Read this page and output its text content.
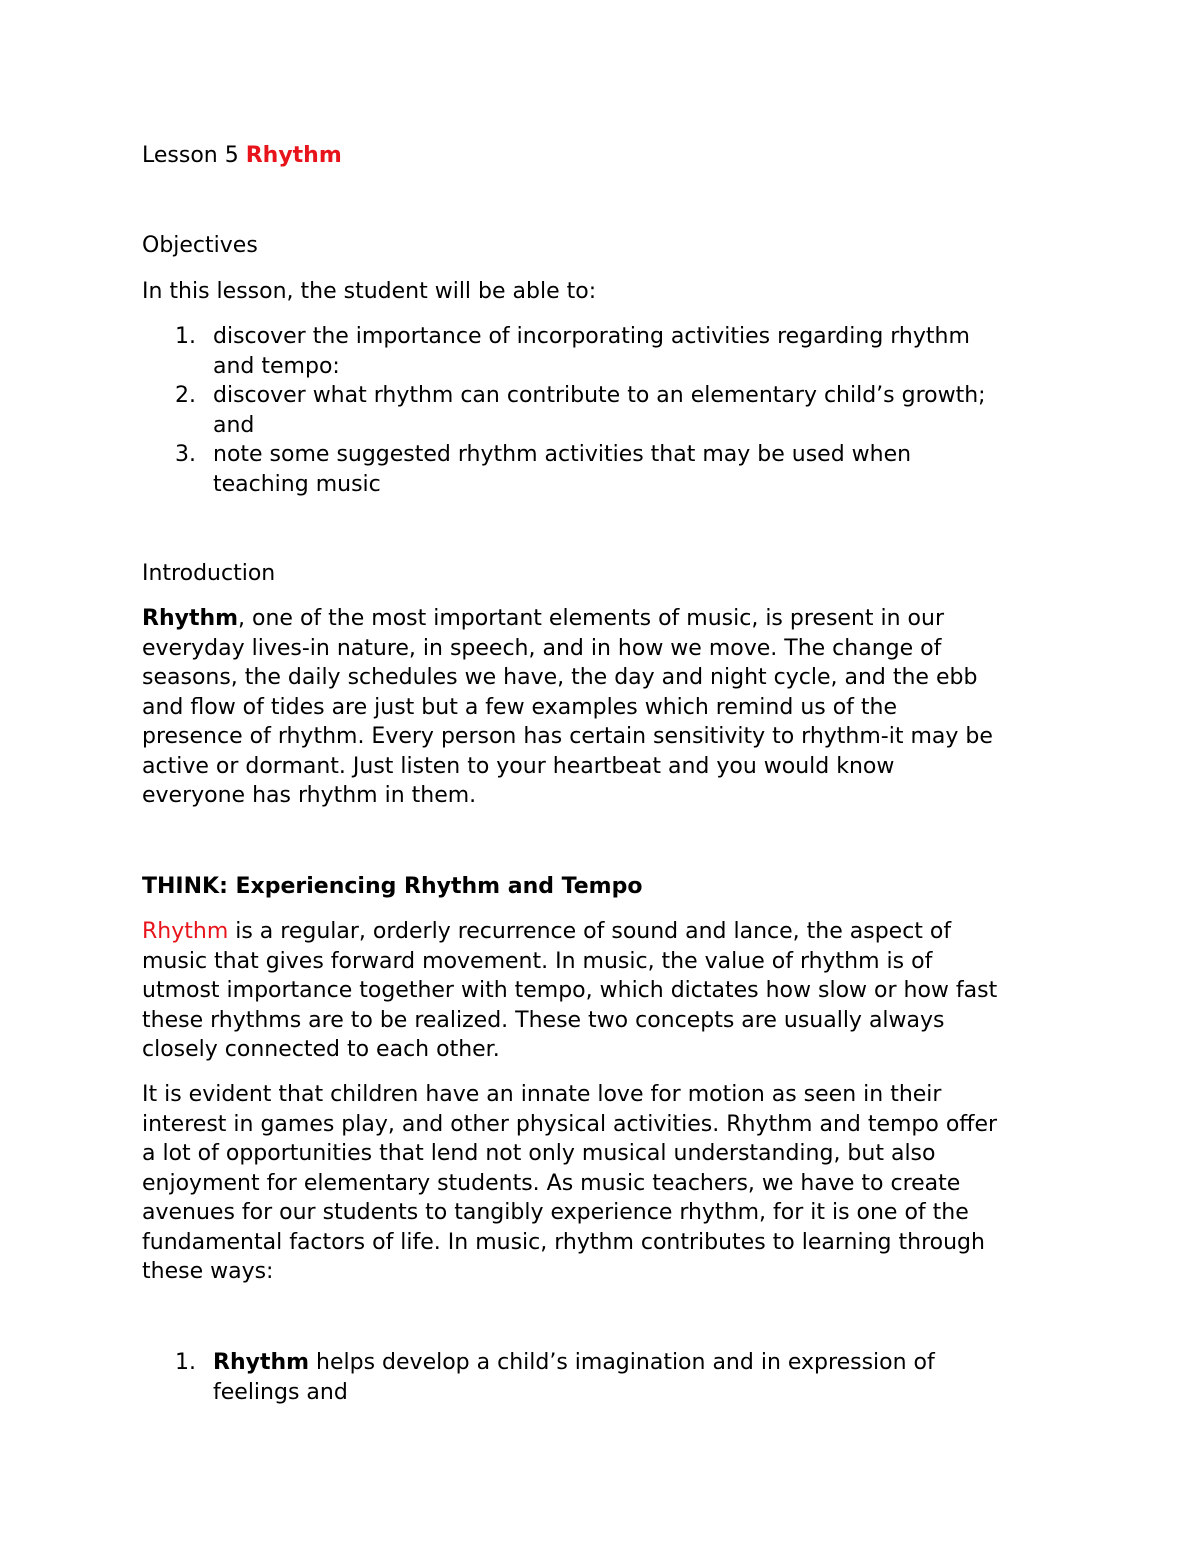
Lesson 5 Rhythm

Objectives

In this lesson, the student will be able to:

1. discover the importance of incorporating activities regarding rhythm
and tempo:
2. discover what rhythm can contribute to an elementary child’s growth;
and
3. note some suggested rhythm activities that may be used when
teaching music

Introduction

Rhythm, one of the most important elements of music, is present in our

everyday lives-in nature, in speech, and in how we move. The change of

seasons, the daily schedules we have, the day and night cycle, and the ebb

and flow of tides are just but a few examples which remind us of the

presence of rhythm. Every person has certain sensitivity to rhythm-it may be

active or dormant. Just listen to your heartbeat and you would know

everyone has rhythm in them.

THINK: Experiencing Rhythm and Tempo

Rhythm is a regular, orderly recurrence of sound and lance, the aspect of

music that gives forward movement. In music, the value of rhythm is of

utmost importance together with tempo, which dictates how slow or how fast

these rhythms are to be realized. These two concepts are usually always

closely connected to each other.

It is evident that children have an innate love for motion as seen in their

interest in games play, and other physical activities. Rhythm and tempo offer

a lot of opportunities that lend not only musical understanding, but also

enjoyment for elementary students. As music teachers, we have to create

avenues for our students to tangibly experience rhythm, for it is one of the

fundamental factors of life. In music, rhythm contributes to learning through

these ways:

1. Rhythm helps develop a child’s imagination and in expression of
feelings and
